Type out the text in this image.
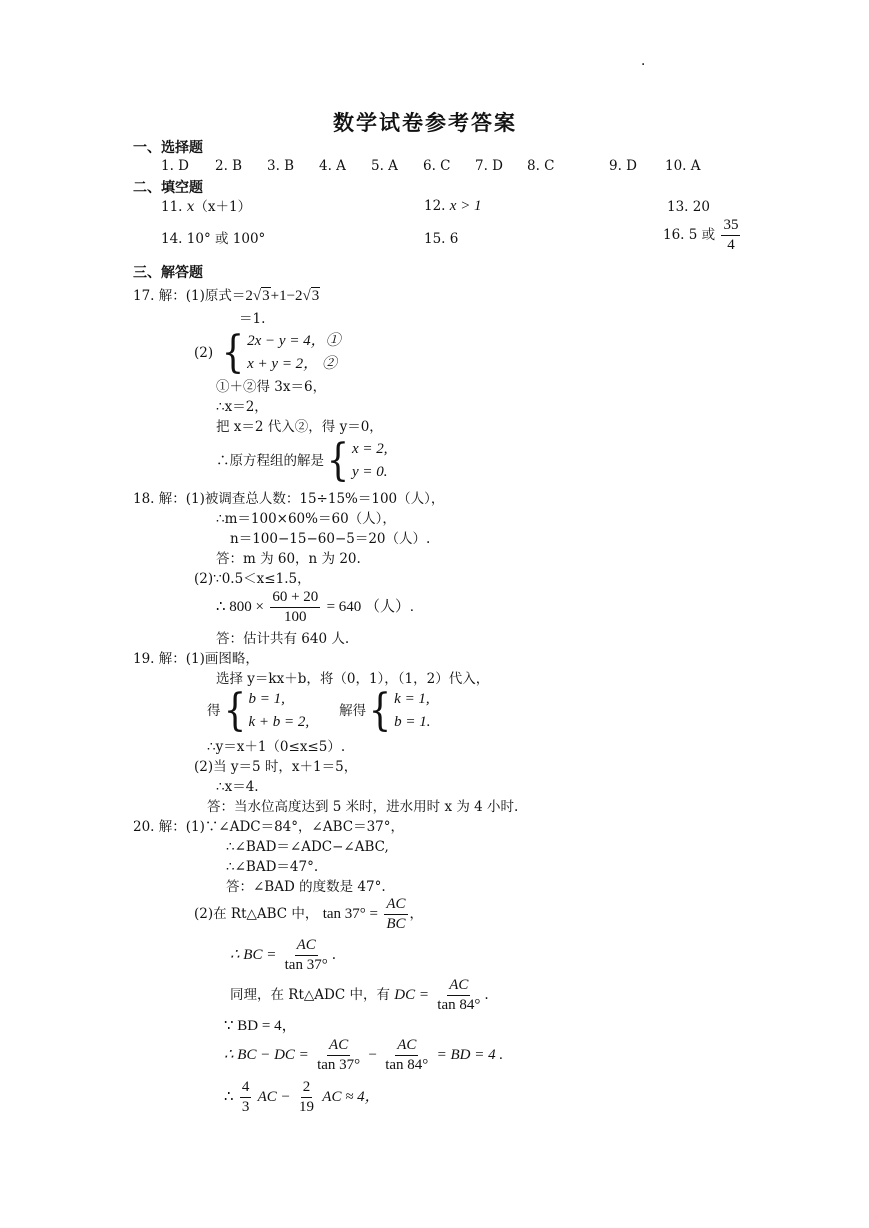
.
数学试卷参考答案
一、选择题
1. D 2. B 3. B 4. A 5. A 6. C 7. D 8. C	9. D 10. A
二、填空题
11. x（x＋1）	12. x > 1	13. 20
14. 10° 或 100°	15. 6	16. 5 或 $\frac{35}{4}$
三、解答题
17. 解：(1)原式＝2√3+1−2√3
＝1.
(2) { 2x − y = 4，①
x + y = 2， ②
①＋②得 3x＝6，
∴x＝2，
把 x＝2 代入②，得 y＝0，
∴原方程组的解是 { x = 2,
y = 0.
18. 解：(1)被调查总人数：15÷15%＝100（人），
∴m＝100×60%＝60（人），
n＝100−15−60−5＝20（人）.
答：m 为 60，n 为 20.
(2)∵0.5＜x≤1.5，
∴ $800 \times \frac{60 + 20}{100} = 640$ （人）.
答：估计共有 640 人.
19. 解：(1)画图略，
选择 y＝kx＋b，将（0，1），（1，2）代入，
得 { b = 1,
k + b = 2,
解得 { k = 1,
b = 1.
∴y＝x＋1（0≤x≤5）.
(2)当 y＝5 时，x＋1＝5，
∴x＝4.
答：当水位高度达到 5 米时，进水用时 x 为 4 小时.
20. 解：(1)∵∠ADC＝84°，∠ABC＝37°，
∴∠BAD＝∠ADC−∠ABC,
∴∠BAD＝47°.
答：∠BAD 的度数是 47°.
(2)在 Rt△ABC 中， $\tan 37^\circ = \frac{AC}{BC}$ ，
∴ BC = $\frac{AC}{\tan 37^\circ}$ .
同理，在 Rt△ADC 中，有 DC = $\frac{AC}{\tan 84^\circ}$ .
∵ BD = 4，
∴ BC − DC = $\frac{AC}{\tan 37^\circ} - \frac{AC}{\tan 84^\circ}$ = BD = 4 .
∴ $\frac{4}{3}$ AC − $\frac{2}{19}$ AC ≈ 4，
